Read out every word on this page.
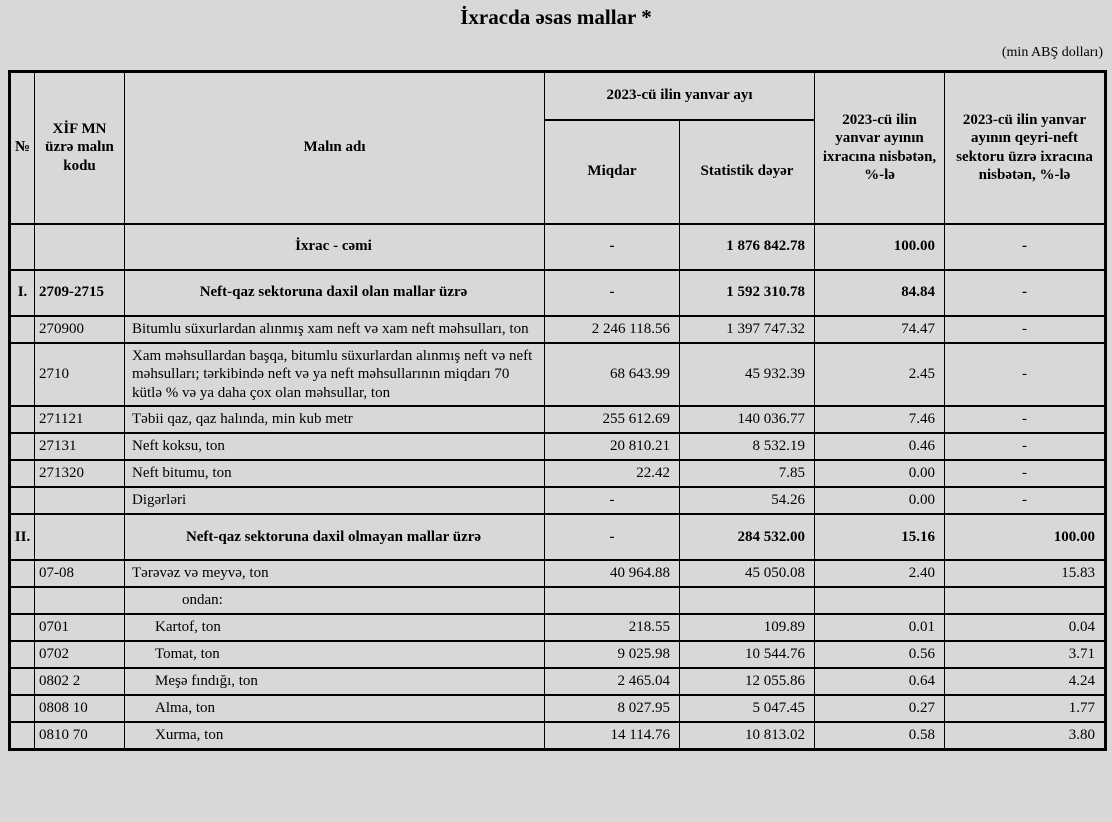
İxracda əsas mallar *
(min ABŞ dolları)
№	XİF MN üzrə malın kodu	Malın adı	2023-cü ilin yanvar ayı		2023-cü ilin yanvar ayının ixracına nisbətən, %-lə	2023-cü ilin yanvar ayının qeyri-neft sektoru üzrə ixracına nisbətən, %-lə
			Miqdar	Statistik dəyər		
		İxrac - cəmi	-	1 876 842.78	100.00	-
I.	2709-2715	Neft-qaz sektoruna daxil olan mallar üzrə	-	1 592 310.78	84.84	-
	270900	Bitumlu süxurlardan alınmış xam neft və xam neft məhsulları, ton	2 246 118.56	1 397 747.32	74.47	-
	2710	Xam məhsullardan başqa, bitumlu süxurlardan alınmış neft və neft məhsulları; tərkibində neft və ya neft məhsullarının miqdarı 70 kütlə % və ya daha çox olan məhsullar, ton	68 643.99	45 932.39	2.45	-
	271121	Təbii qaz, qaz halında, min kub metr	255 612.69	140 036.77	7.46	-
	27131	Neft koksu, ton	20 810.21	8 532.19	0.46	-
	271320	Neft bitumu, ton	22.42	7.85	0.00	-
		Digərləri	-	54.26	0.00	-
II.		Neft-qaz sektoruna daxil olmayan mallar üzrə	-	284 532.00	15.16	100.00
	07-08	Tərəvəz və meyvə, ton	40 964.88	45 050.08	2.40	15.83
		ondan:				
	0701	Kartof, ton	218.55	109.89	0.01	0.04
	0702	Tomat, ton	9 025.98	10 544.76	0.56	3.71
	0802 2	Meşə fındığı, ton	2 465.04	12 055.86	0.64	4.24
	0808 10	Alma, ton	8 027.95	5 047.45	0.27	1.77
	0810 70	Xurma, ton	14 114.76	10 813.02	0.58	3.80
